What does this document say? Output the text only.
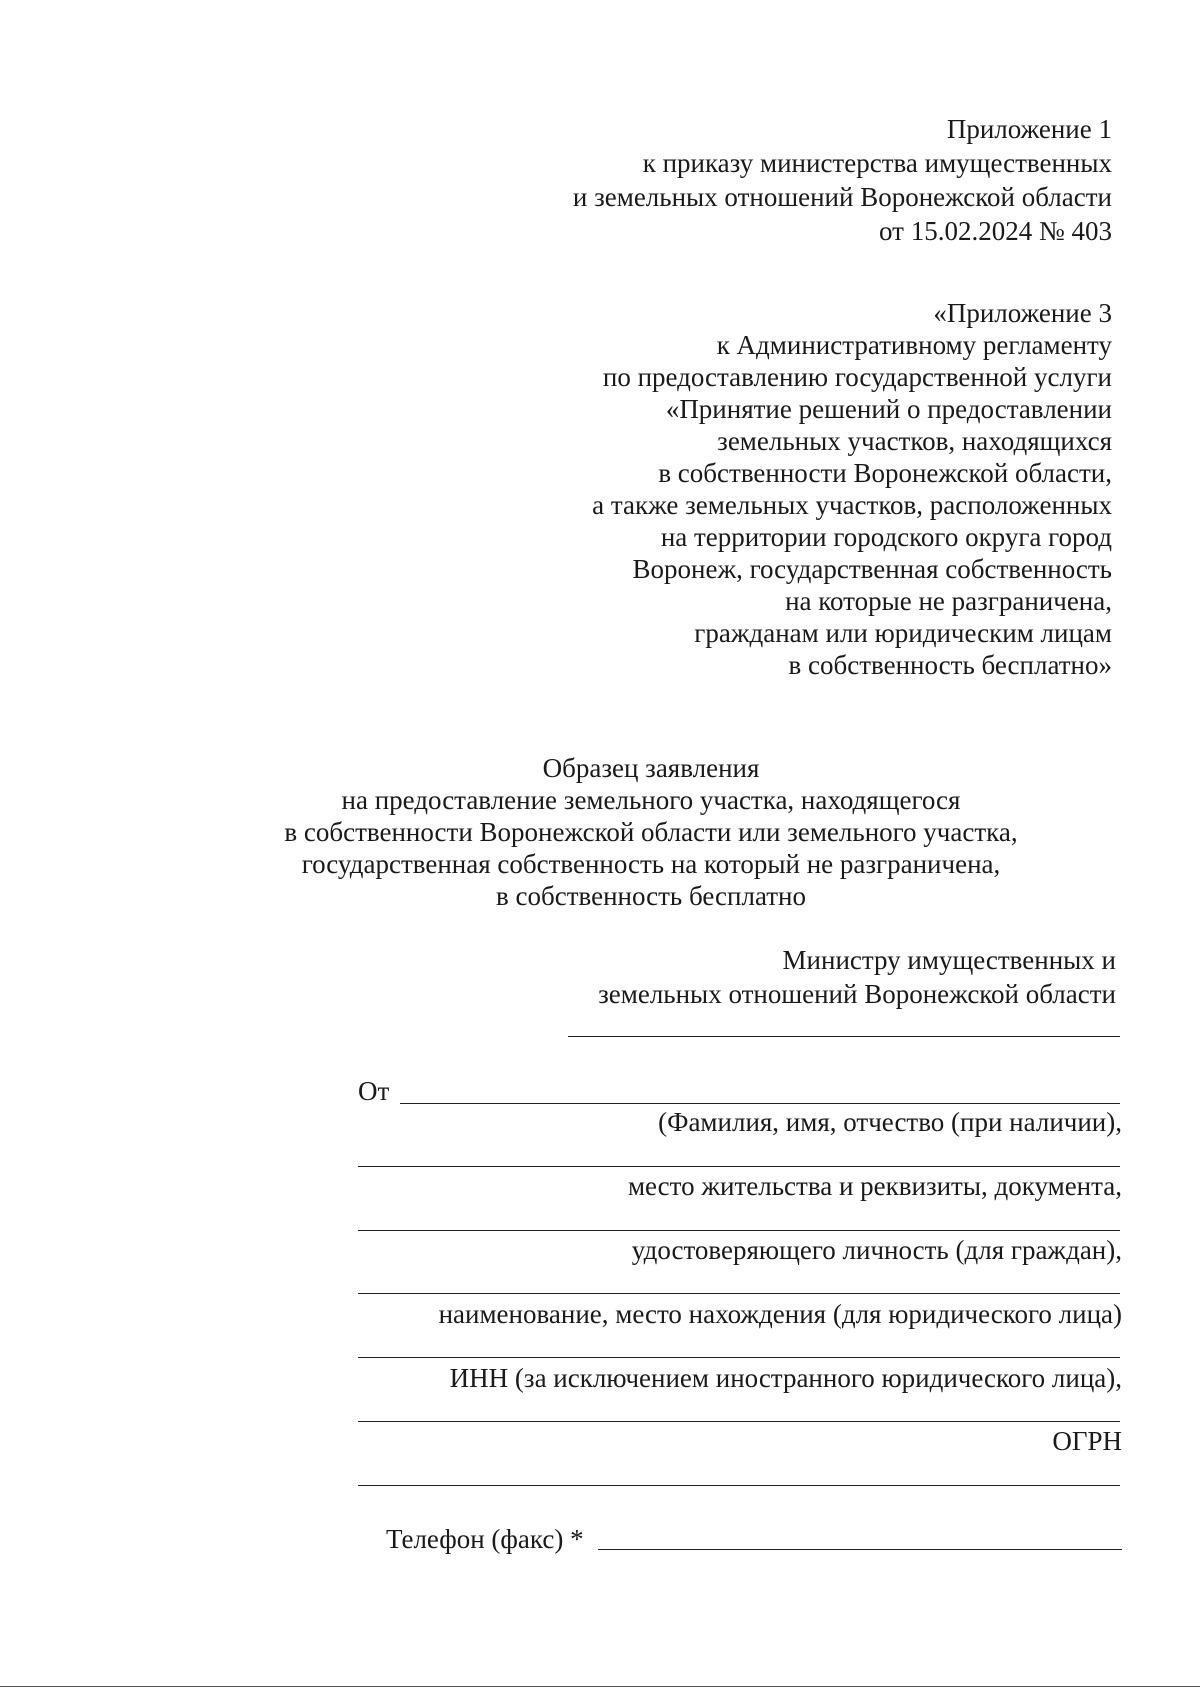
Приложение 1
к приказу министерства имущественных
и земельных отношений Воронежской области
от 15.02.2024 № 403
«Приложение 3
к Административному регламенту
по предоставлению государственной услуги
«Принятие решений о предоставлении
земельных участков, находящихся
в собственности Воронежской области,
а также земельных участков, расположенных
на территории городского округа город
Воронеж, государственная собственность
на которые не разграничена,
гражданам или юридическим лицам
в собственность бесплатно»
Образец заявления
на предоставление земельного участка, находящегося
в собственности Воронежской области или земельного участка,
государственная собственность на который не разграничена,
в собственность бесплатно
Министру имущественных и
земельных отношений Воронежской области
От
(Фамилия, имя, отчество (при наличии),
место жительства и реквизиты, документа,
удостоверяющего личность (для граждан),
наименование, место нахождения (для юридического лица)
ИНН (за исключением иностранного юридического лица),
ОГРН
Телефон (факс) *
